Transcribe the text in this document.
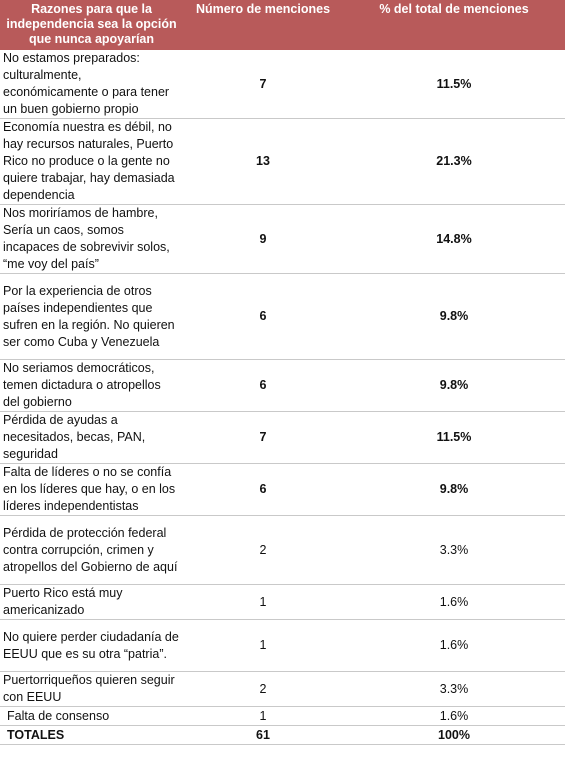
Razones para que la independencia sea la opción que nunca apoyarían	Número de menciones	% del total de menciones
No estamos preparados: culturalmente, económicamente o para tener un buen gobierno propio	7	11.5%
Economía nuestra es débil, no hay recursos naturales, Puerto Rico no produce o la gente no quiere trabajar, hay demasiada dependencia	13	21.3%
Nos moriríamos de hambre, Sería un caos, somos incapaces de sobrevivir solos, “me voy del país”	9	14.8%
Por la experiencia de otros países independientes que sufren en la región. No quieren ser como Cuba y Venezuela	6	9.8%
No seriamos democráticos, temen dictadura o atropellos del gobierno	6	9.8%
Pérdida de ayudas a necesitados, becas, PAN, seguridad	7	11.5%
Falta de líderes o no se confía en los líderes que hay, o en los líderes independentistas	6	9.8%
Pérdida de protección federal contra corrupción, crimen y atropellos del Gobierno de aquí	2	3.3%
Puerto Rico está muy americanizado	1	1.6%
No quiere perder ciudadanía de EEUU que es su otra “patria”.	1	1.6%
Puertorriqueños quieren seguir con EEUU	2	3.3%
Falta de consenso	1	1.6%
TOTALES	61	100%
